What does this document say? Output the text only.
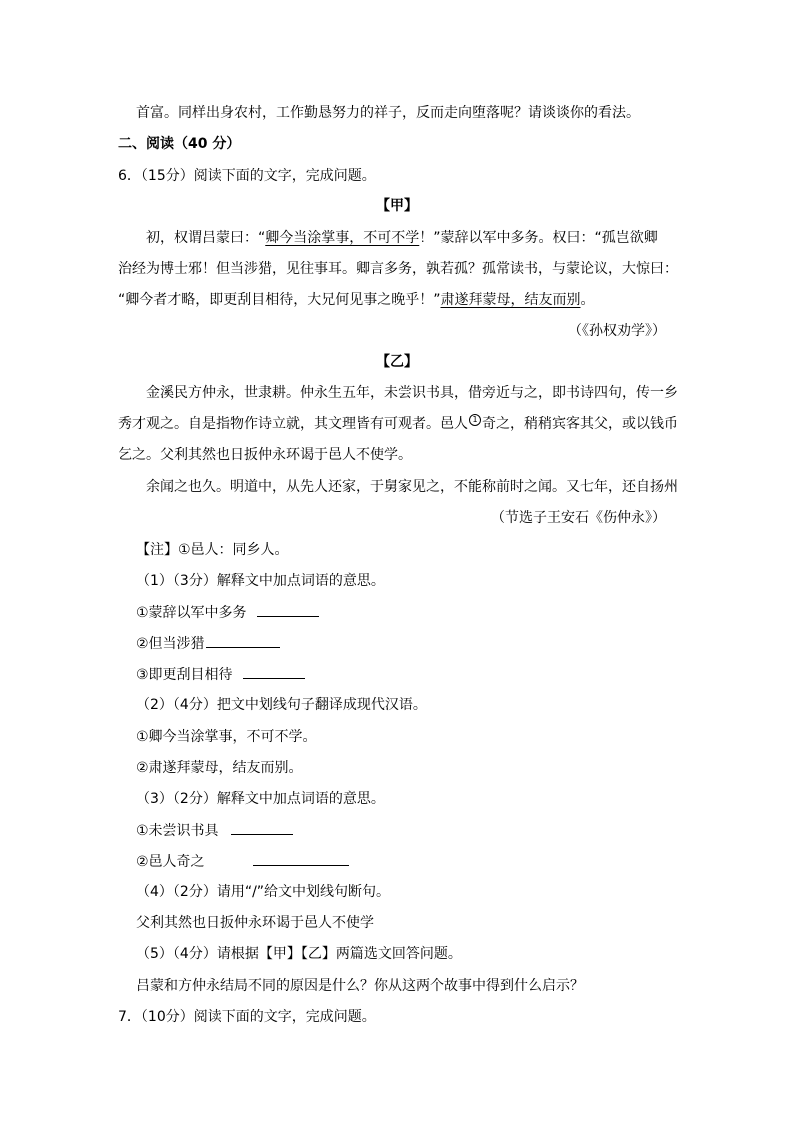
首富。同样出身农村，工作勤恳努力的祥子，反而走向堕落呢？请谈谈你的看法。
二、阅读（40 分）
6．（15分）阅读下面的文字，完成问题。
【甲】
初，权谓吕蒙曰：“卿今当涂掌事，不可不学！”蒙辞以军中多务。权曰：“孤岂欲卿
治经为博士邪！但当涉猎，见往事耳。卿言多务，孰若孤？孤常读书，与蒙论议，大惊曰：
“卿今者才略，即更刮目相待，大兄何见事之晚乎！”肃遂拜蒙母，结友而别。
（《孙权劝学》）
【乙】
金溪民方仲永，世隶耕。仲永生五年，未尝识书具，借旁近与之，即书诗四句，传一乡
秀才观之。自是指物作诗立就，其文理皆有可观者。邑人 1 奇之，稍稍宾客其父，或以钱币
乞之。父利其然也日扳仲永环谒于邑人不使学。
余闻之也久。明道中，从先人还家，于舅家见之，不能称前时之闻。又七年，还自扬州
（节选子王安石《伤仲永》）
【注】①邑人：同乡人。
（1）（3分）解释文中加点词语的意思。
①蒙辞以军中多务
②但当涉猎
③即更刮目相待
（2）（4分）把文中划线句子翻译成现代汉语。
①卿今当涂掌事，不可不学。
②肃遂拜蒙母，结友而别。
（3）（2分）解释文中加点词语的意思。
①未尝识书具
②邑人奇之
（4）（2分）请用“/”给文中划线句断句。
父利其然也日扳仲永环谒于邑人不使学
（5）（4分）请根据【甲】【乙】两篇选文回答问题。
吕蒙和方仲永结局不同的原因是什么？你从这两个故事中得到什么启示？
7．（10分）阅读下面的文字，完成问题。
